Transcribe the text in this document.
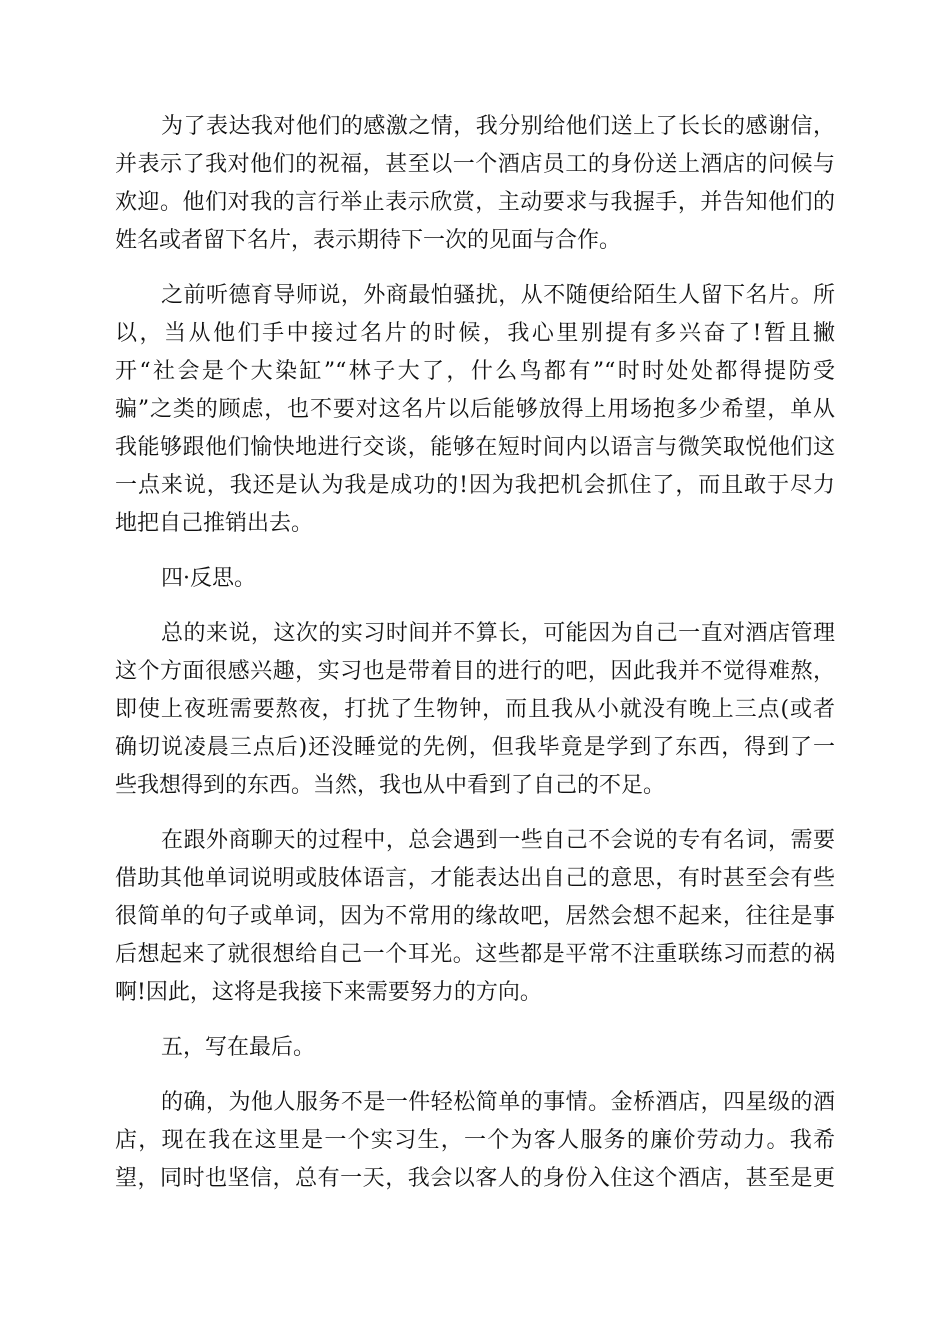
为了表达我对他们的感激之情，我分别给他们送上了长长的感谢信，
并表示了我对他们的祝福，甚至以一个酒店员工的身份送上酒店的问候与
欢迎。他们对我的言行举止表示欣赏，主动要求与我握手，并告知他们的
姓名或者留下名片，表示期待下一次的见面与合作。
之前听德育导师说，外商最怕骚扰，从不随便给陌生人留下名片。所
以，当从他们手中接过名片的时候，我心里别提有多兴奋了!暂且撇
开“社会是个大染缸”“林子大了，什么鸟都有”“时时处处都得提防受
骗”之类的顾虑，也不要对这名片以后能够放得上用场抱多少希望，单从
我能够跟他们愉快地进行交谈，能够在短时间内以语言与微笑取悦他们这
一点来说，我还是认为我是成功的!因为我把机会抓住了，而且敢于尽力
地把自己推销出去。
四·反思。
总的来说，这次的实习时间并不算长，可能因为自己一直对酒店管理
这个方面很感兴趣，实习也是带着目的进行的吧，因此我并不觉得难熬，
即使上夜班需要熬夜，打扰了生物钟，而且我从小就没有晚上三点(或者
确切说凌晨三点后)还没睡觉的先例，但我毕竟是学到了东西，得到了一
些我想得到的东西。当然，我也从中看到了自己的不足。
在跟外商聊天的过程中，总会遇到一些自己不会说的专有名词，需要
借助其他单词说明或肢体语言，才能表达出自己的意思，有时甚至会有些
很简单的句子或单词，因为不常用的缘故吧，居然会想不起来，往往是事
后想起来了就很想给自己一个耳光。这些都是平常不注重联练习而惹的祸
啊!因此，这将是我接下来需要努力的方向。
五，写在最后。
的确，为他人服务不是一件轻松简单的事情。金桥酒店，四星级的酒
店，现在我在这里是一个实习生，一个为客人服务的廉价劳动力。我希
望，同时也坚信，总有一天，我会以客人的身份入住这个酒店，甚至是更
